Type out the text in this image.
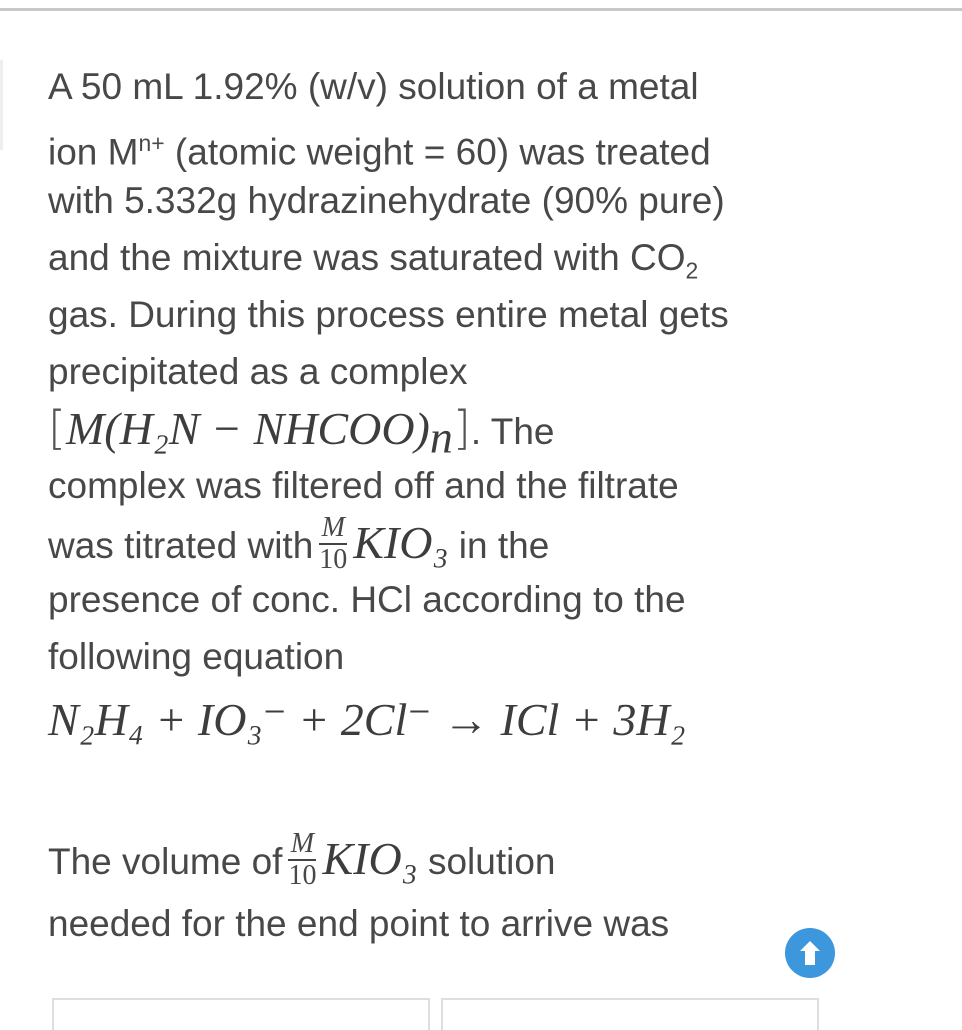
A 50 mL 1.92% (w/v) solution of a metal
ion $M^{n+}$ (atomic weight = 60) was treated
with 5.332g hydrazinehydrate (90% pure)
and the mixture was saturated with $CO_2$
gas. During this process entire metal gets
precipitated as a complex
$[M(H_2N - NHCOO)_n]$. The
complex was filtered off and the filtrate
was titrated with $\frac{M}{10} KIO_3$ in the
presence of conc. HCl according to the
following equation
N₂H₄ + IO₃⁻ + 2Cl⁻ → ICl + 3H₂
The volume of $\frac{M}{10} KIO_3$ solution
needed for the end point to arrive was
